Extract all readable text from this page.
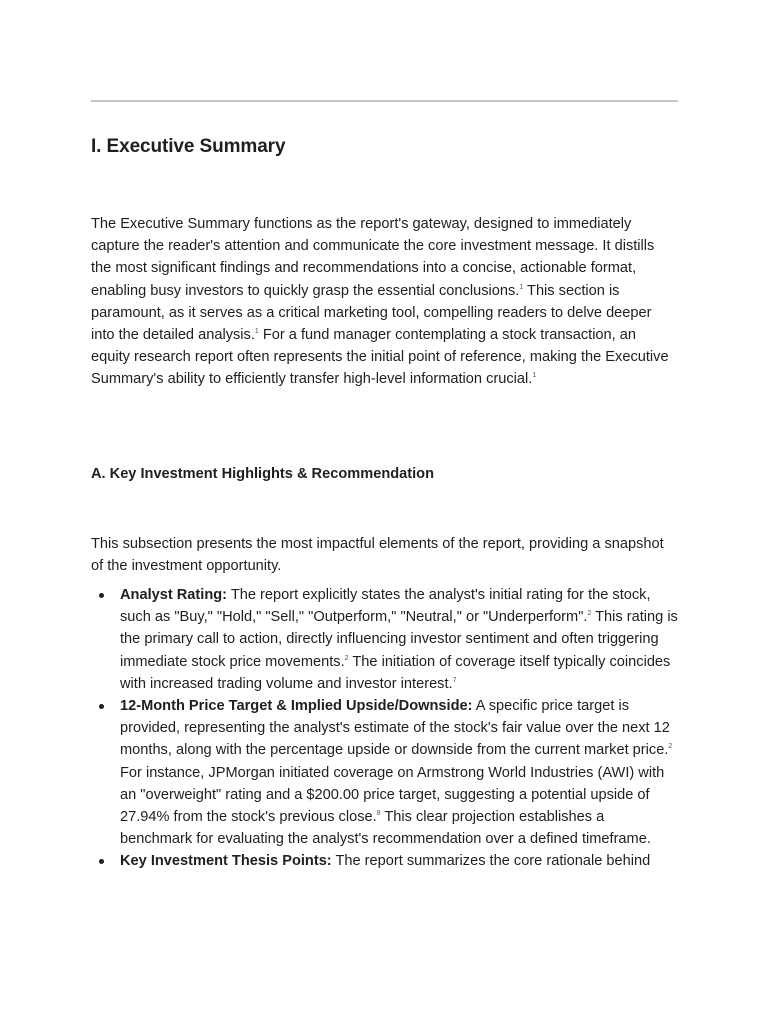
I. Executive Summary

The Executive Summary functions as the report's gateway, designed to immediately capture the reader's attention and communicate the core investment message. It distills the most significant findings and recommendations into a concise, actionable format, enabling busy investors to quickly grasp the essential conclusions.$^1$ This section is paramount, as it serves as a critical marketing tool, compelling readers to delve deeper into the detailed analysis.$^1$ For a fund manager contemplating a stock transaction, an equity research report often represents the initial point of reference, making the Executive Summary's ability to efficiently transfer high-level information crucial.$^1$

A. Key Investment Highlights & Recommendation

This subsection presents the most impactful elements of the report, providing a snapshot of the investment opportunity.

Analyst Rating: The report explicitly states the analyst's initial rating for the stock, such as "Buy," "Hold," "Sell," "Outperform," "Neutral," or "Underperform".$^2$ This rating is the primary call to action, directly influencing investor sentiment and often triggering immediate stock price movements.$^2$ The initiation of coverage itself typically coincides with increased trading volume and investor interest.$^7$
12-Month Price Target & Implied Upside/Downside: A specific price target is provided, representing the analyst's estimate of the stock's fair value over the next 12 months, along with the percentage upside or downside from the current market price.$^2$ For instance, JPMorgan initiated coverage on Armstrong World Industries (AWI) with an "overweight" rating and a $200.00 price target, suggesting a potential upside of 27.94% from the stock's previous close.$^8$ This clear projection establishes a benchmark for evaluating the analyst's recommendation over a defined timeframe.
Key Investment Thesis Points: The report summarizes the core rationale behind
